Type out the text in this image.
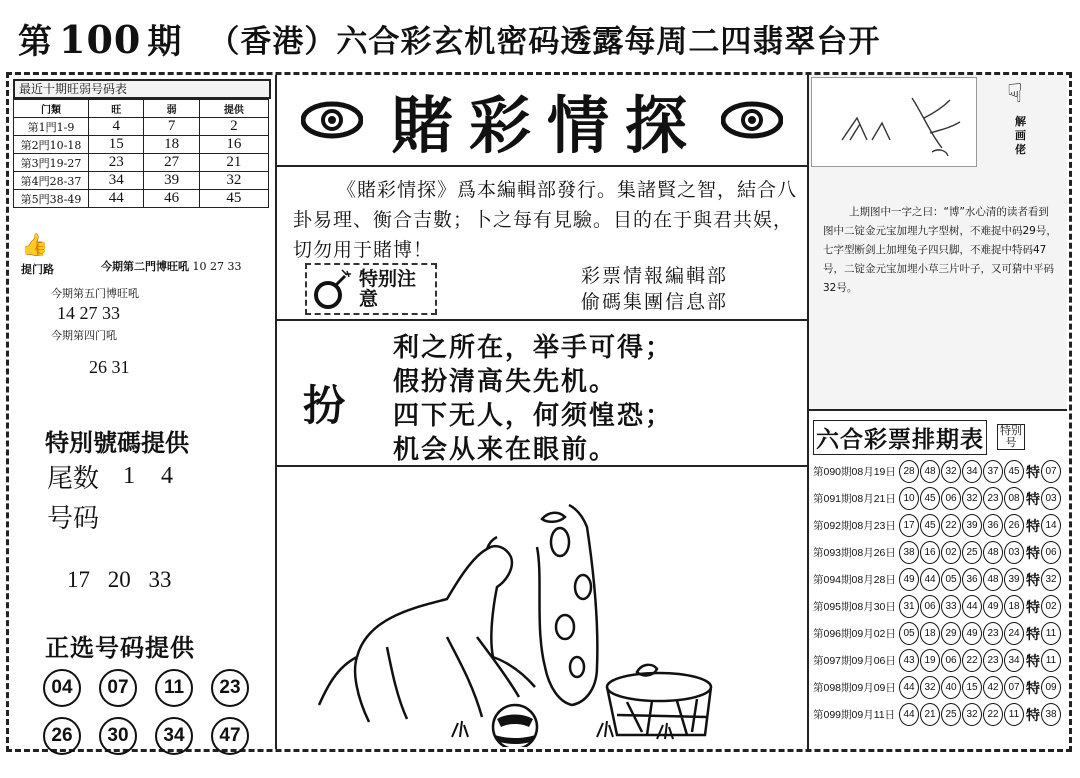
第 100 期 （香港）六合彩玄机密码透露每周二四翡翠台开
最近十期旺弱号码表
门類	旺	弱	提供
第1門1-9	4	7	2
第2門10-18	15	18	16
第3門19-27	23	27	21
第4門28-37	34	39	32
第5門38-49	44	46	45
👍
提门路	今期第二門博旺吼 10 27 33
今期第五门博旺吼
14 27 33
今期第四门吼
26 31
特別號碼提供
尾数 1 4
号码
17 20 33
正选号码提供
04	07	11	23
26	30	34	47
賭彩情探
《賭彩情探》爲本編輯部發行。集諸賢之智，結合八卦易理、衡合吉數；卜之每有見驗。目的在于與君共娱，切勿用于賭博！
特别注意
彩票情報編輯部
偷碼集團信息部
扮
利之所在，举手可得；
假扮清高失先机。
四下无人，何须惶恐；
机会从来在眼前。
☟
解画佬
上期图中一字之曰：“博”水心清的读者看到图中二锭金元宝加埋九字型树，不难捉中码29号，七字型断剑上加埋兔子四只脚，不难捉中特码47号，二锭金元宝加埋小草三片叶子，又可猜中平码32号。
六合彩票排期表 特别号
第090期08月19日 28 48 32 34 37 45 特 07
第091期08月21日 10 45 06 32 23 08 特 03
第092期08月23日 17 45 22 39 36 26 特 14
第093期08月26日 38 16 02 25 48 03 特 06
第094期08月28日 49 44 05 36 48 39 特 32
第095期08月30日 31 06 33 44 49 18 特 02
第096期09月02日 05 18 29 49 23 24 特 11
第097期09月06日 43 19 06 22 23 34 特 11
第098期09月09日 44 32 40 15 42 07 特 09
第099期09月11日 44 21 25 32 22	11 特 38
